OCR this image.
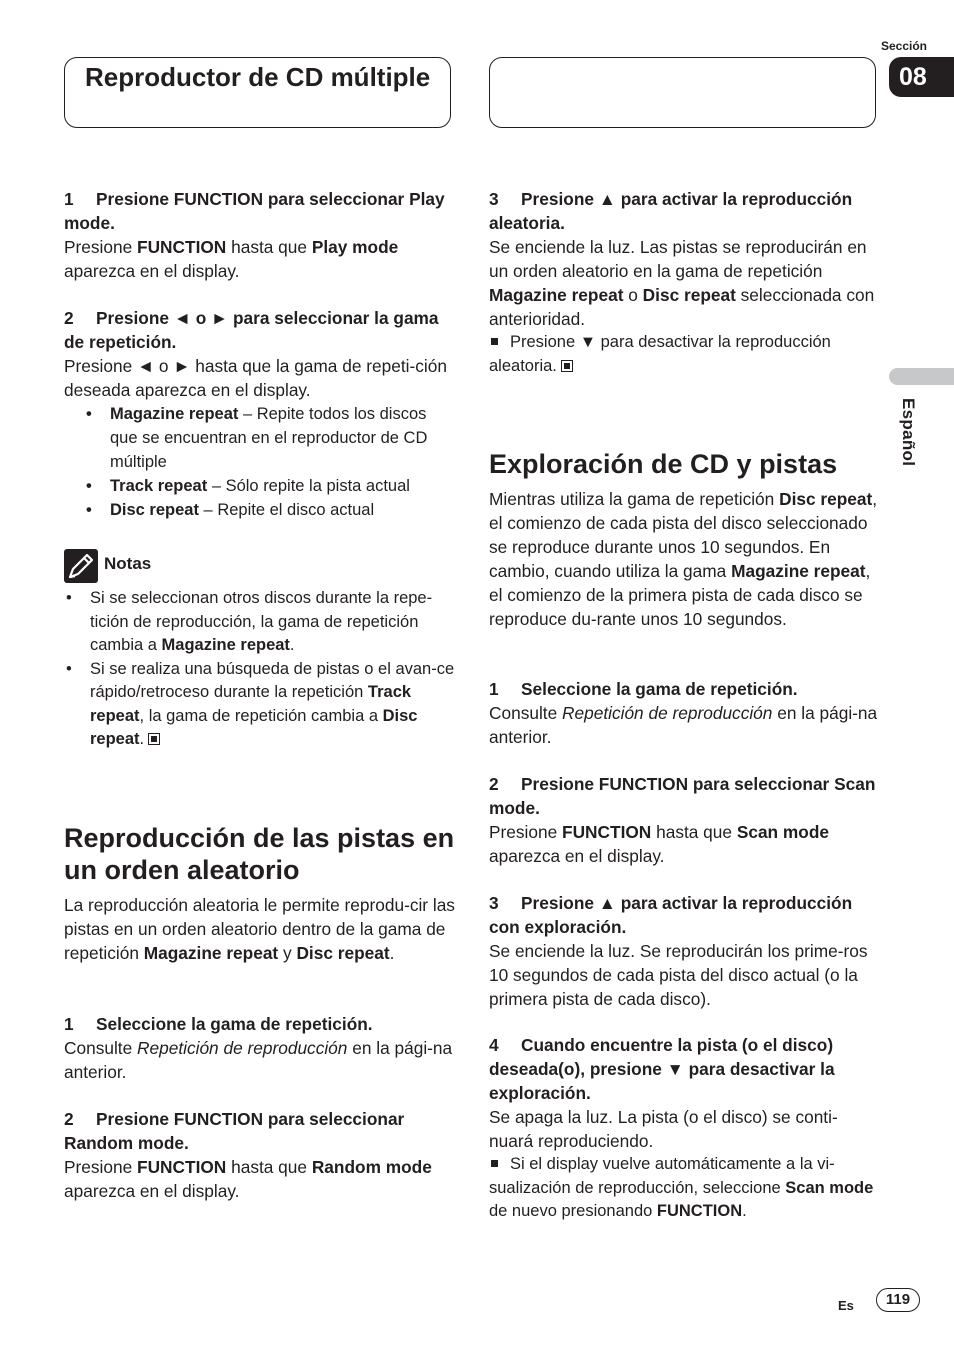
Reproductor de CD múltiple
Sección
08
Español

1 Presione FUNCTION para seleccionar Play mode.

Presione FUNCTION hasta que Play mode aparezca en el display.

2 Presione ◄ o ► para seleccionar la gama de repetición.

Presione ◄ o ► hasta que la gama de repeti-ción deseada aparezca en el display.

• Magazine repeat – Repite todos los discos que se encuentran en el reproductor de CD múltiple
• Track repeat – Sólo repite la pista actual
• Disc repeat – Repite el disco actual
Notas
• Si se seleccionan otros discos durante la repe-tición de reproducción, la gama de repetición cambia a Magazine repeat.
• Si se realiza una búsqueda de pistas o el avan-ce rápido/retroceso durante la repetición Track repeat, la gama de repetición cambia a Disc repeat.
Reproducción de las pistas en un orden aleatorio

La reproducción aleatoria le permite reprodu-cir las pistas en un orden aleatorio dentro de la gama de repetición Magazine repeat y Disc repeat.

1 Seleccione la gama de repetición.

Consulte Repetición de reproducción en la pági-na anterior.

2 Presione FUNCTION para seleccionar Random mode.

Presione FUNCTION hasta que Random mode aparezca en el display.

3 Presione ▲ para activar la reproducción aleatoria.

Se enciende la luz. Las pistas se reproducirán en un orden aleatorio en la gama de repetición Magazine repeat o Disc repeat seleccionada con anterioridad.

Presione ▼ para desactivar la reproducción aleatoria.

Exploración de CD y pistas

Mientras utiliza la gama de repetición Disc repeat, el comienzo de cada pista del disco seleccionado se reproduce durante unos 10 segundos. En cambio, cuando utiliza la gama Magazine repeat, el comienzo de la primera pista de cada disco se reproduce du-rante unos 10 segundos.

1 Seleccione la gama de repetición.

Consulte Repetición de reproducción en la pági-na anterior.

2 Presione FUNCTION para seleccionar Scan mode.

Presione FUNCTION hasta que Scan mode aparezca en el display.

3 Presione ▲ para activar la reproducción con exploración.

Se enciende la luz. Se reproducirán los prime-ros 10 segundos de cada pista del disco actual (o la primera pista de cada disco).

4 Cuando encuentre la pista (o el disco) deseada(o), presione ▼ para desactivar la exploración.

Se apaga la luz. La pista (o el disco) se conti-nuará reproduciendo.

Si el display vuelve automáticamente a la vi-sualización de reproducción, seleccione Scan mode de nuevo presionando FUNCTION.

Es	119
